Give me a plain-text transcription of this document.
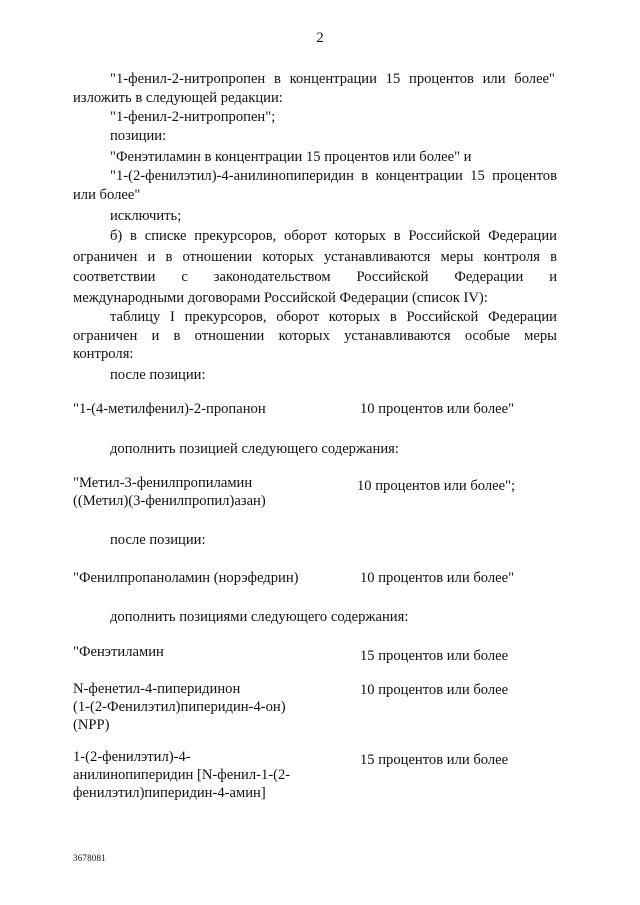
2
"1-фенил-2-нитропропен в концентрации 15 процентов или более"
изложить в следующей редакции:
"1-фенил-2-нитропропен";
позиции:
"Фенэтиламин в концентрации 15 процентов или более" и
"1-(2-фенилэтил)-4-анилинопиперидин в концентрации 15 процентов
или более"
исключить;
б) в списке прекурсоров, оборот которых в Российской Федерации
ограничен и в отношении которых устанавливаются меры контроля в
соответствии с законодательством Российской Федерации и
международными договорами Российской Федерации (список IV):
таблицу I прекурсоров, оборот которых в Российской Федерации
ограничен и в отношении которых устанавливаются особые меры
контроля:
после позиции:
"1-(4-метилфенил)-2-пропанон	10 процентов или более"
дополнить позицией следующего содержания:
"Метил-3-фенилпропиламин
((Метил)(3-фенилпропил)азан)
10 процентов или более";
после позиции:
"Фенилпропаноламин (норэфедрин)	10 процентов или более"
дополнить позициями следующего содержания:
"Фенэтиламин	15 процентов или более
N-фенетил-4-пиперидинон
(1-(2-Фенилэтил)пиперидин-4-он)
(NPP)
10 процентов или более
1-(2-фенилэтил)-4-
анилинопиперидин [N-фенил-1-(2-
фенилэтил)пиперидин-4-амин]
15 процентов или более
3678081
